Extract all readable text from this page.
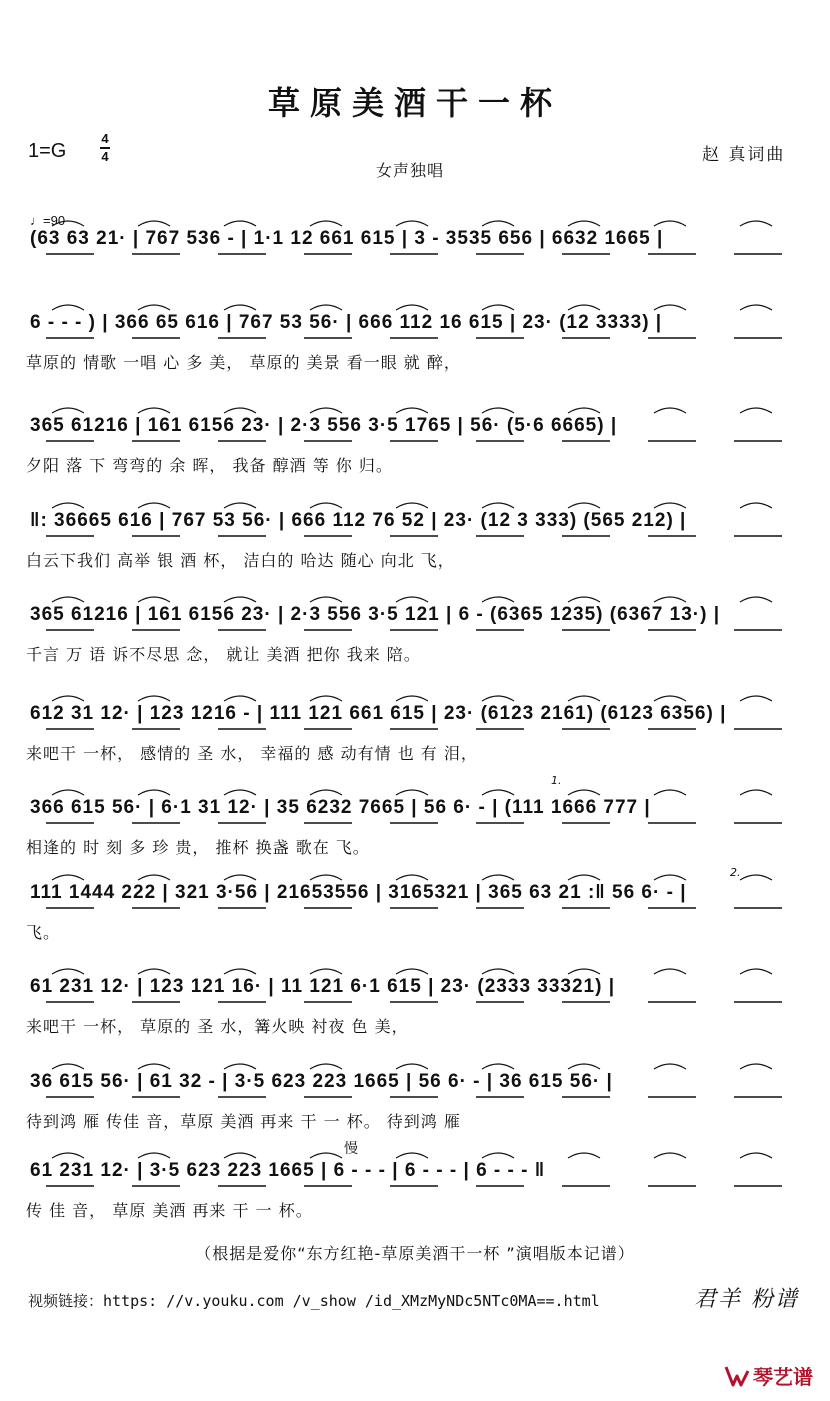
草原美酒干一杯
1=G
4
4
女声独唱
赵 真词曲
♩=90
(63 63 21· | 767 536 - | 1·1 12 661 615 | 3 - 3535 656 | 6632 1665 |
6 - - - ) | 366 65 616 | 767 53 56· | 666 112 16 615 | 23· (12 3333) |
草原的 情歌 一唱 心 多 美， 草原的 美景 看一眼 就 醉，
365 61216 | 161 6156 23· | 2·3 556 3·5 1765 | 56· (5·6 6665) |
夕阳 落 下 弯弯的 余 晖， 我备 醇酒 等 你 归。
‖: 36665 616 | 767 53 56· | 666 112 76 52 | 23· (12 3 333) (565 212) |
白云下我们 高举 银 酒 杯， 洁白的 哈达 随心 向北 飞，
365 61216 | 161 6156 23· | 2·3 556 3·5 121 | 6 - (6365 1235) (6367 13·) |
千言 万 语 诉不尽思 念， 就让 美酒 把你 我来 陪。
612 31 12· | 123 1216 - | 111 121 661 615 | 23· (6123 2161) (6123 6356) |
来吧干 一杯， 感情的 圣 水， 幸福的 感 动有情 也 有 泪，
366 615 56· | 6·1 31 12· | 35 6232 7665 | 56 6· - | (111 1666 777 |
相逢的 时 刻 多 珍 贵， 推杯 换盏 歌在 飞。
111 1444 222 | 321 3·56 | 21653556 | 3165321 | 365 63 21 :‖ 56 6· - |
飞。
61 231 12· | 123 121 16· | 11 121 6·1 615 | 23· (2333 33321) |
来吧干 一杯， 草原的 圣 水，篝火映 衬夜 色 美，
36 615 56· | 61 32 - | 3·5 623 223 1665 | 56 6· - | 36 615 56· |
待到鸿 雁 传佳 音，草原 美酒 再来 干 一 杯。 待到鸿 雁
61 231 12· | 3·5 623 223 1665 | 6 - - - | 6 - - - | 6 - - - ‖
传 佳 音， 草原 美酒 再来 干 一 杯。
慢
1.
2.
（根据是爱你“东方红艳-草原美酒干一杯 ”演唱版本记谱）
视频链接：https: //v.youku.com /v_show /id_XMzMyNDc5NTc0MA==.html	君羊 粉谱
琴艺谱
